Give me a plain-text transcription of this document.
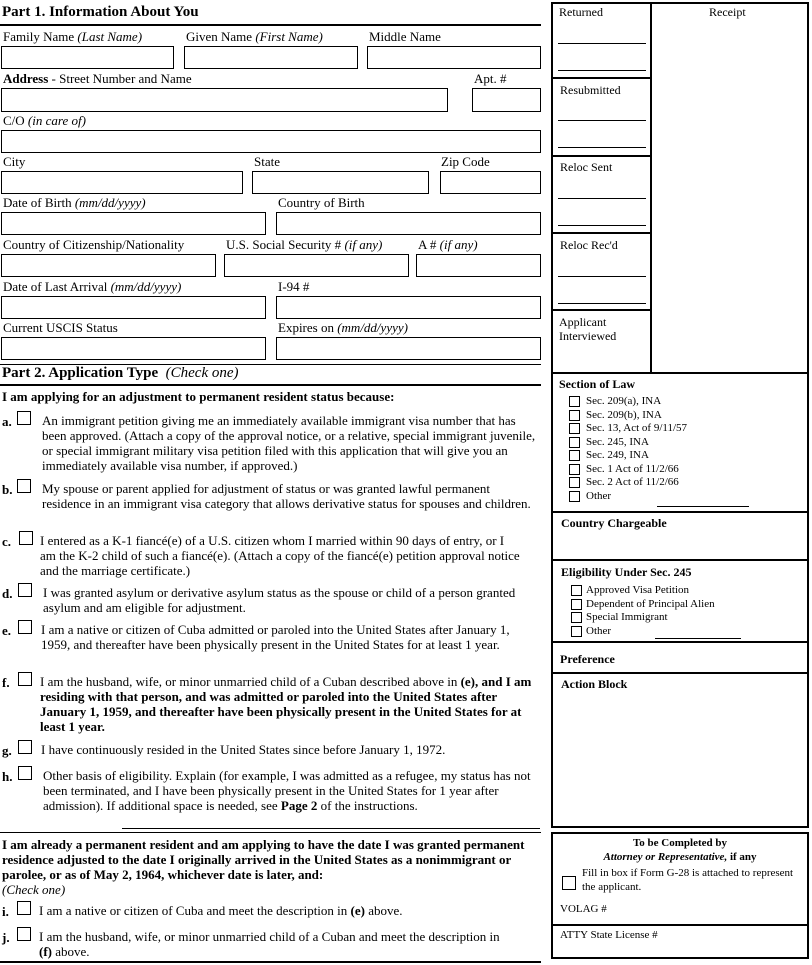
Part 1. Information About You
Family Name (Last Name)	Given Name (First Name)	Middle Name
Address - Street Number and Name	Apt. #
C/O (in care of)
City	State	Zip Code
Date of Birth (mm/dd/yyyy)	Country of Birth
Country of Citizenship/Nationality	U.S. Social Security # (if any)	A # (if any)
Date of Last Arrival (mm/dd/yyyy)	I-94 #
Current USCIS Status	Expires on (mm/dd/yyyy)
Part 2. Application Type (Check one)
I am applying for an adjustment to permanent resident status because:
a. An immigrant petition giving me an immediately available immigrant visa number that has been approved. (Attach a copy of the approval notice, or a relative, special immigrant juvenile, or special immigrant military visa petition filed with this application that will give you an immediately available visa number, if approved.)
b. My spouse or parent applied for adjustment of status or was granted lawful permanent residence in an immigrant visa category that allows derivative status for spouses and children.
c. I entered as a K-1 fiancé(e) of a U.S. citizen whom I married within 90 days of entry, or I am the K-2 child of such a fiancé(e). (Attach a copy of the fiancé(e) petition approval notice and the marriage certificate.)
d. I was granted asylum or derivative asylum status as the spouse or child of a person granted asylum and am eligible for adjustment.
e. I am a native or citizen of Cuba admitted or paroled into the United States after January 1, 1959, and thereafter have been physically present in the United States for at least 1 year.
f. I am the husband, wife, or minor unmarried child of a Cuban described above in (e), and I am residing with that person, and was admitted or paroled into the United States after January 1, 1959, and thereafter have been physically present in the United States for at least 1 year.
g. I have continuously resided in the United States since before January 1, 1972.
h. Other basis of eligibility. Explain (for example, I was admitted as a refugee, my status has not been terminated, and I have been physically present in the United States for 1 year after admission). If additional space is needed, see Page 2 of the instructions.
I am already a permanent resident and am applying to have the date I was granted permanent residence adjusted to the date I originally arrived in the United States as a nonimmigrant or parolee, or as of May 2, 1964, whichever date is later, and:
(Check one)
i. I am a native or citizen of Cuba and meet the description in (e) above.
j. I am the husband, wife, or minor unmarried child of a Cuban and meet the description in (f) above.
Returned	Receipt
Resubmitted
Reloc Sent
Reloc Rec'd
Applicant
Interviewed
Section of Law
Sec. 209(a), INA
Sec. 209(b), INA
Sec. 13, Act of 9/11/57
Sec. 245, INA
Sec. 249, INA
Sec. 1 Act of 11/2/66
Sec. 2 Act of 11/2/66
Other
Country Chargeable
Eligibility Under Sec. 245
Approved Visa Petition
Dependent of Principal Alien
Special Immigrant
Other
Preference
Action Block
To be Completed by
Attorney or Representative, if any
Fill in box if Form G-28 is attached to represent the applicant.
VOLAG #
ATTY State License #
